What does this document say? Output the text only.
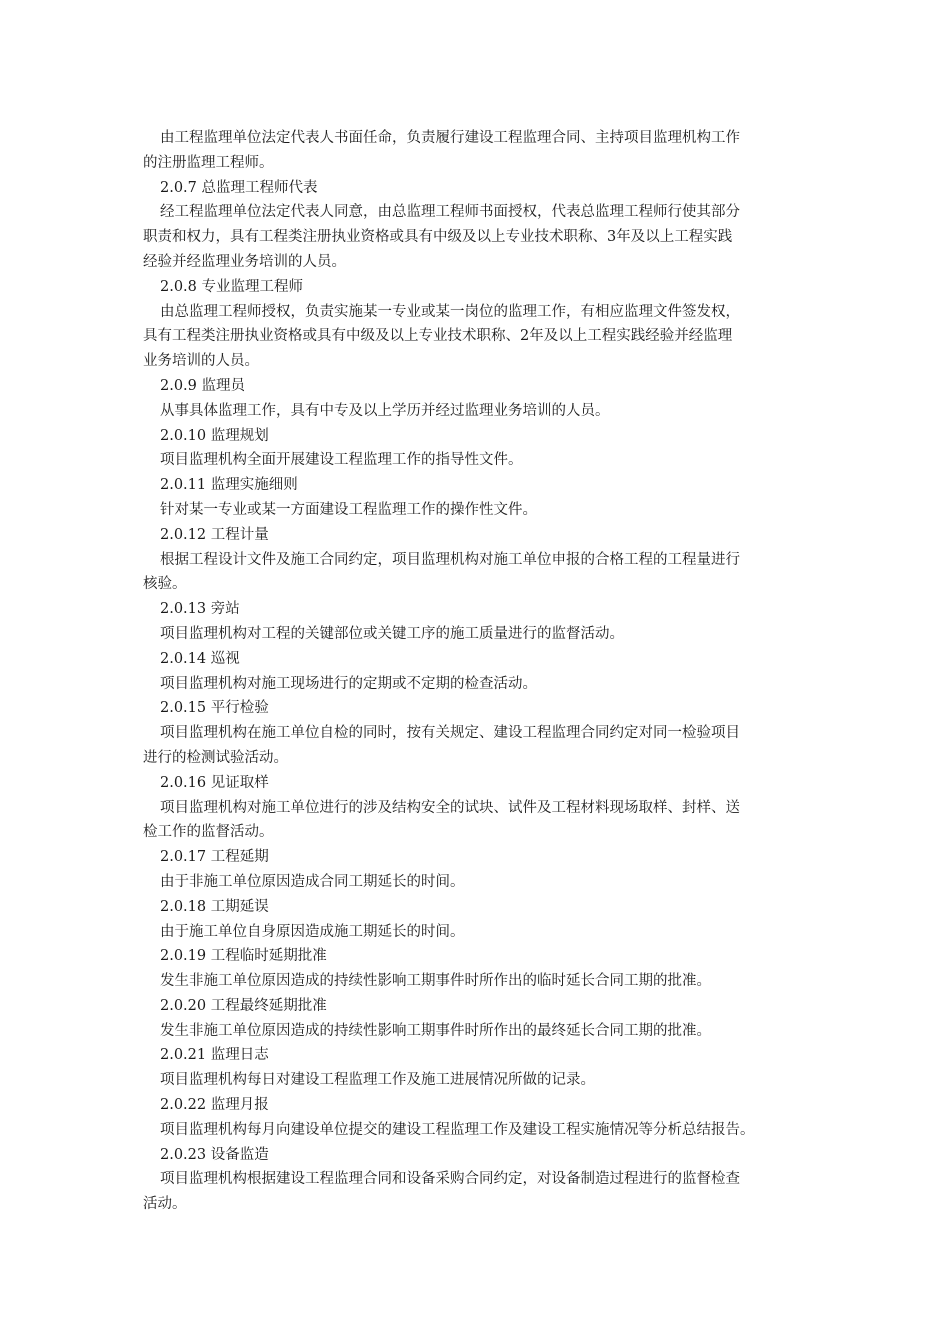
由工程监理单位法定代表人书面任命，负责履行建设工程监理合同、主持项目监理机构工作

的注册监理工程师。

2.0.7 总监理工程师代表

经工程监理单位法定代表人同意，由总监理工程师书面授权，代表总监理工程师行使其部分

职责和权力，具有工程类注册执业资格或具有中级及以上专业技术职称、3年及以上工程实践

经验并经监理业务培训的人员。

2.0.8 专业监理工程师

由总监理工程师授权，负责实施某一专业或某一岗位的监理工作，有相应监理文件签发权，

具有工程类注册执业资格或具有中级及以上专业技术职称、2年及以上工程实践经验并经监理

业务培训的人员。

2.0.9 监理员

从事具体监理工作，具有中专及以上学历并经过监理业务培训的人员。

2.0.10 监理规划

项目监理机构全面开展建设工程监理工作的指导性文件。

2.0.11 监理实施细则

针对某一专业或某一方面建设工程监理工作的操作性文件。

2.0.12 工程计量

根据工程设计文件及施工合同约定，项目监理机构对施工单位申报的合格工程的工程量进行

核验。

2.0.13 旁站

项目监理机构对工程的关键部位或关键工序的施工质量进行的监督活动。

2.0.14 巡视

项目监理机构对施工现场进行的定期或不定期的检查活动。

2.0.15 平行检验

项目监理机构在施工单位自检的同时，按有关规定、建设工程监理合同约定对同一检验项目

进行的检测试验活动。

2.0.16 见证取样

项目监理机构对施工单位进行的涉及结构安全的试块、试件及工程材料现场取样、封样、送

检工作的监督活动。

2.0.17 工程延期

由于非施工单位原因造成合同工期延长的时间。

2.0.18 工期延误

由于施工单位自身原因造成施工期延长的时间。

2.0.19 工程临时延期批准

发生非施工单位原因造成的持续性影响工期事件时所作出的临时延长合同工期的批准。

2.0.20 工程最终延期批准

发生非施工单位原因造成的持续性影响工期事件时所作出的最终延长合同工期的批准。

2.0.21 监理日志

项目监理机构每日对建设工程监理工作及施工进展情况所做的记录。

2.0.22 监理月报

项目监理机构每月向建设单位提交的建设工程监理工作及建设工程实施情况等分析总结报告。

2.0.23 设备监造

项目监理机构根据建设工程监理合同和设备采购合同约定，对设备制造过程进行的监督检查

活动。
